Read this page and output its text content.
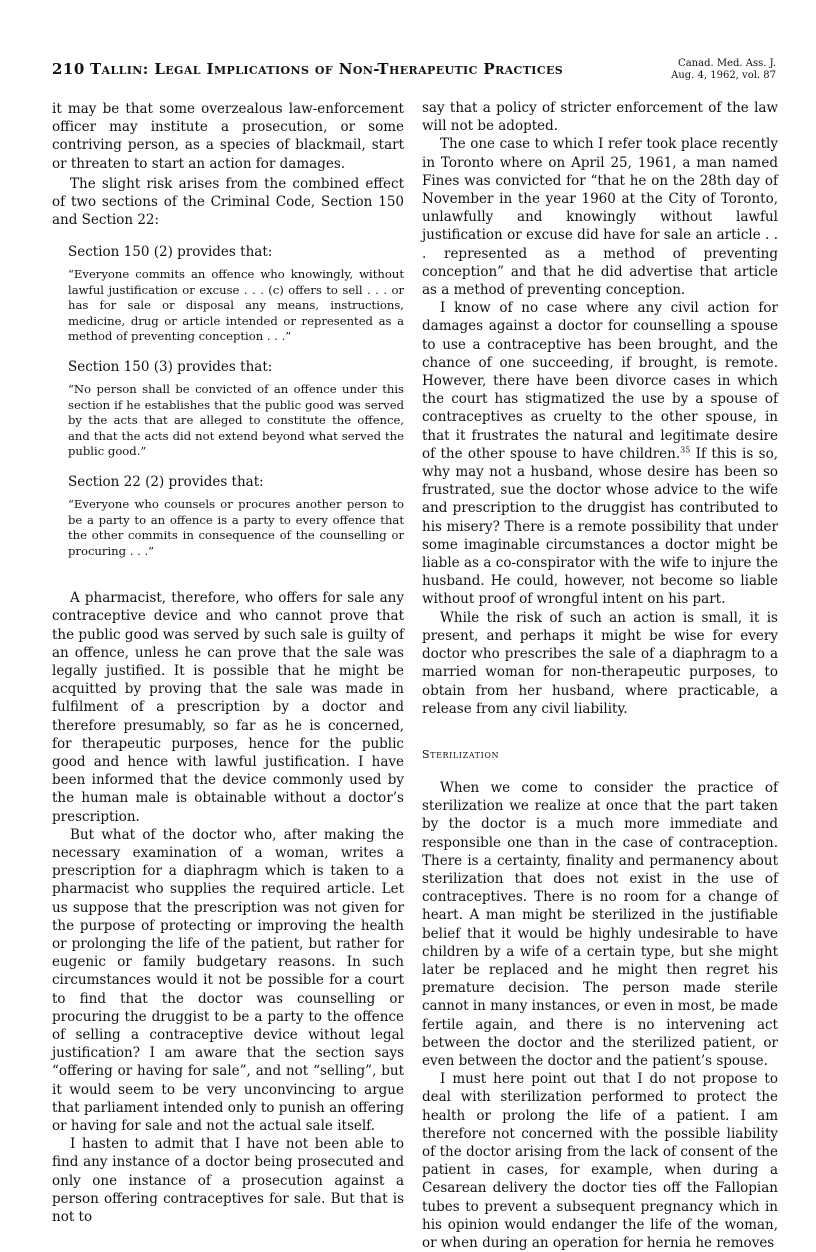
210 Tallin: Legal Implications of Non-Therapeutic Practices	Canad. Med. Ass. J.
Aug. 4, 1962, vol. 87

it may be that some overzealous law-enforcement officer may institute a prosecution, or some contriving person, as a species of blackmail, start or threaten to start an action for damages.

The slight risk arises from the combined effect of two sections of the Criminal Code, Section 150 and Section 22:

Section 150 (2) provides that:

“Everyone commits an offence who knowingly, without lawful justification or excuse . . . (c) offers to sell . . . or has for sale or disposal any means, instructions, medicine, drug or article intended or represented as a method of preventing conception . . .”

Section 150 (3) provides that:

“No person shall be convicted of an offence under this section if he establishes that the public good was served by the acts that are alleged to constitute the offence, and that the acts did not extend beyond what served the public good.”

Section 22 (2) provides that:

“Everyone who counsels or procures another person to be a party to an offence is a party to every offence that the other commits in consequence of the counselling or procuring . . .”

A pharmacist, therefore, who offers for sale any contraceptive device and who cannot prove that the public good was served by such sale is guilty of an offence, unless he can prove that the sale was legally justified. It is possible that he might be acquitted by proving that the sale was made in fulfilment of a prescription by a doctor and therefore presumably, so far as he is concerned, for therapeutic purposes, hence for the public good and hence with lawful justification. I have been informed that the device commonly used by the human male is obtainable without a doctor’s prescription.

But what of the doctor who, after making the necessary examination of a woman, writes a prescription for a diaphragm which is taken to a pharmacist who supplies the required article. Let us suppose that the prescription was not given for the purpose of protecting or improving the health or prolonging the life of the patient, but rather for eugenic or family budgetary reasons. In such circumstances would it not be possible for a court to find that the doctor was counselling or procuring the druggist to be a party to the offence of selling a contraceptive device without legal justification? I am aware that the section says “offering or having for sale”, and not “selling”, but it would seem to be very unconvincing to argue that parliament intended only to punish an offering or having for sale and not the actual sale itself.

I hasten to admit that I have not been able to find any instance of a doctor being prosecuted and only one instance of a prosecution against a person offering contraceptives for sale. But that is not to

say that a policy of stricter enforcement of the law will not be adopted.

The one case to which I refer took place recently in Toronto where on April 25, 1961, a man named Fines was convicted for “that he on the 28th day of November in the year 1960 at the City of Toronto, unlawfully and knowingly without lawful justification or excuse did have for sale an article . . . represented as a method of preventing conception” and that he did advertise that article as a method of preventing conception.

I know of no case where any civil action for damages against a doctor for counselling a spouse to use a contraceptive has been brought, and the chance of one succeeding, if brought, is remote. However, there have been divorce cases in which the court has stigmatized the use by a spouse of contraceptives as cruelty to the other spouse, in that it frustrates the natural and legitimate desire of the other spouse to have children.$^{35}$ If this is so, why may not a husband, whose desire has been so frustrated, sue the doctor whose advice to the wife and prescription to the druggist has contributed to his misery? There is a remote possibility that under some imaginable circumstances a doctor might be liable as a co-conspirator with the wife to injure the husband. He could, however, not become so liable without proof of wrongful intent on his part.

While the risk of such an action is small, it is present, and perhaps it might be wise for every doctor who prescribes the sale of a diaphragm to a married woman for non-therapeutic purposes, to obtain from her husband, where practicable, a release from any civil liability.

Sterilization

When we come to consider the practice of sterilization we realize at once that the part taken by the doctor is a much more immediate and responsible one than in the case of contraception. There is a certainty, finality and permanency about sterilization that does not exist in the use of contraceptives. There is no room for a change of heart. A man might be sterilized in the justifiable belief that it would be highly undesirable to have children by a wife of a certain type, but she might later be replaced and he might then regret his premature decision. The person made sterile cannot in many instances, or even in most, be made fertile again, and there is no intervening act between the doctor and the sterilized patient, or even between the doctor and the patient’s spouse.

I must here point out that I do not propose to deal with sterilization performed to protect the health or prolong the life of a patient. I am therefore not concerned with the possible liability of the doctor arising from the lack of consent of the patient in cases, for example, when during a Cesarean delivery the doctor ties off the Fallopian tubes to prevent a subsequent pregnancy which in his opinion would endanger the life of the woman, or when during an operation for hernia he removes
